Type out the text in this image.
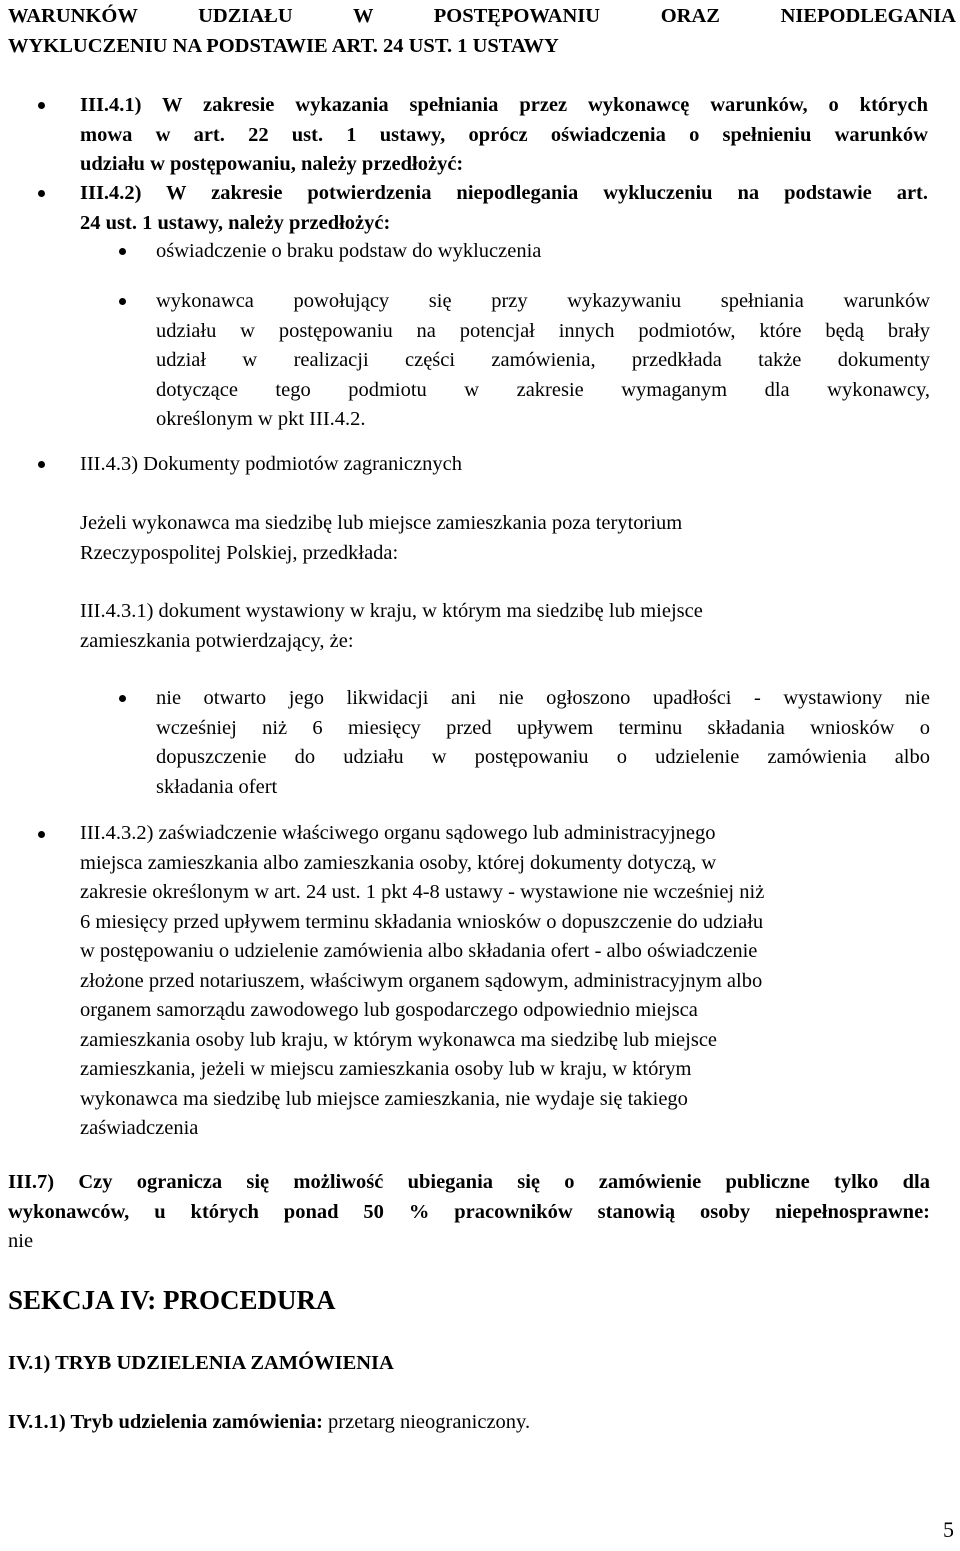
WARUNKÓW UDZIAŁU W POSTĘPOWANIU ORAZ NIEPODLEGANIA
WYKLUCZENIU NA PODSTAWIE ART. 24 UST. 1 USTAWY
III.4.1) W zakresie wykazania spełniania przez wykonawcę warunków, o których
mowa w art. 22 ust. 1 ustawy, oprócz oświadczenia o spełnieniu warunków
udziału w postępowaniu, należy przedłożyć:
III.4.2) W zakresie potwierdzenia niepodlegania wykluczeniu na podstawie art.
24 ust. 1 ustawy, należy przedłożyć:
oświadczenie o braku podstaw do wykluczenia
wykonawca powołujący się przy wykazywaniu spełniania warunków
udziału w postępowaniu na potencjał innych podmiotów, które będą brały
udział w realizacji części zamówienia, przedkłada także dokumenty
dotyczące tego podmiotu w zakresie wymaganym dla wykonawcy,
określonym w pkt III.4.2.
III.4.3) Dokumenty podmiotów zagranicznych
Jeżeli wykonawca ma siedzibę lub miejsce zamieszkania poza terytorium
Rzeczypospolitej Polskiej, przedkłada:
III.4.3.1) dokument wystawiony w kraju, w którym ma siedzibę lub miejsce
zamieszkania potwierdzający, że:
nie otwarto jego likwidacji ani nie ogłoszono upadłości - wystawiony nie
wcześniej niż 6 miesięcy przed upływem terminu składania wniosków o
dopuszczenie do udziału w postępowaniu o udzielenie zamówienia albo
składania ofert
III.4.3.2) zaświadczenie właściwego organu sądowego lub administracyjnego
miejsca zamieszkania albo zamieszkania osoby, której dokumenty dotyczą, w
zakresie określonym w art. 24 ust. 1 pkt 4-8 ustawy - wystawione nie wcześniej niż
6 miesięcy przed upływem terminu składania wniosków o dopuszczenie do udziału
w postępowaniu o udzielenie zamówienia albo składania ofert - albo oświadczenie
złożone przed notariuszem, właściwym organem sądowym, administracyjnym albo
organem samorządu zawodowego lub gospodarczego odpowiednio miejsca
zamieszkania osoby lub kraju, w którym wykonawca ma siedzibę lub miejsce
zamieszkania, jeżeli w miejscu zamieszkania osoby lub w kraju, w którym
wykonawca ma siedzibę lub miejsce zamieszkania, nie wydaje się takiego
zaświadczenia
III.7) Czy ogranicza się możliwość ubiegania się o zamówienie publiczne tylko dla
wykonawców, u których ponad 50 % pracowników stanowią osoby niepełnosprawne:
nie
SEKCJA IV: PROCEDURA
IV.1) TRYB UDZIELENIA ZAMÓWIENIA
IV.1.1) Tryb udzielenia zamówienia: przetarg nieograniczony.
5
